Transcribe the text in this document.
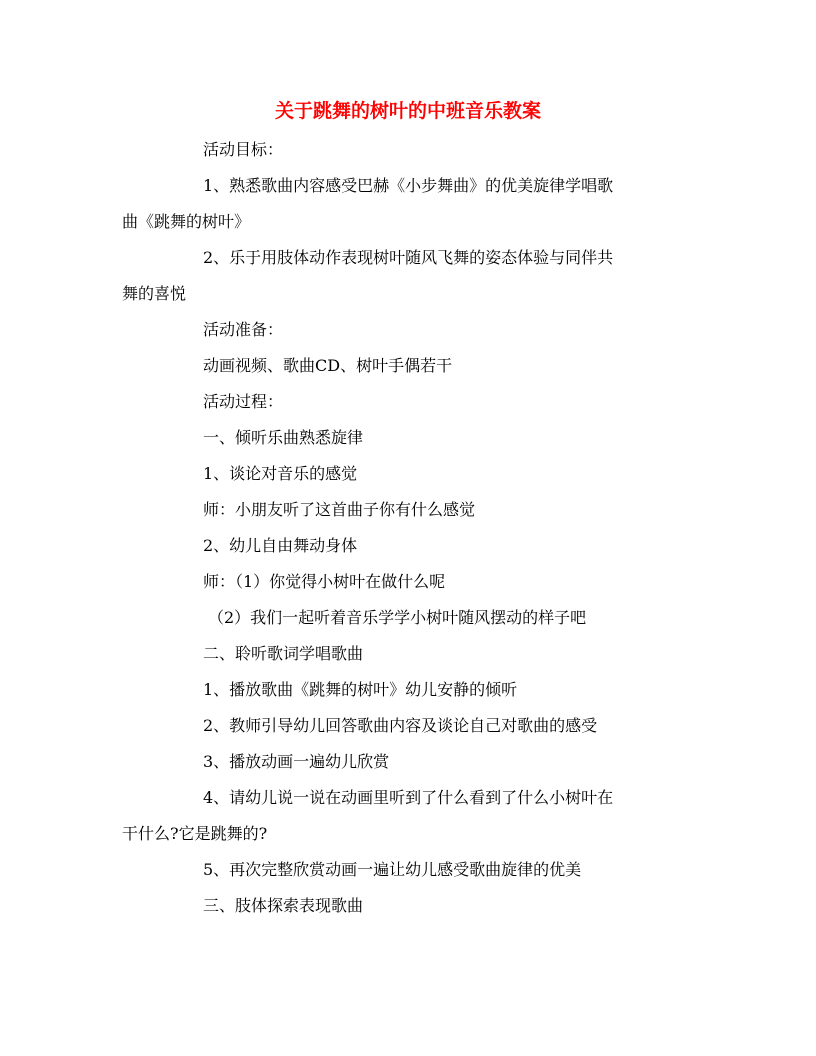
关于跳舞的树叶的中班音乐教案
活动目标：
1、熟悉歌曲内容感受巴赫《小步舞曲》的优美旋律学唱歌
曲《跳舞的树叶》
2、乐于用肢体动作表现树叶随风飞舞的姿态体验与同伴共
舞的喜悦
活动准备：
动画视频、歌曲CD、树叶手偶若干
活动过程：
一、倾听乐曲熟悉旋律
1、谈论对音乐的感觉
师：小朋友听了这首曲子你有什么感觉
2、幼儿自由舞动身体
师：（1）你觉得小树叶在做什么呢
（2）我们一起听着音乐学学小树叶随风摆动的样子吧
二、聆听歌词学唱歌曲
1、播放歌曲《跳舞的树叶》幼儿安静的倾听
2、教师引导幼儿回答歌曲内容及谈论自己对歌曲的感受
3、播放动画一遍幼儿欣赏
4、请幼儿说一说在动画里听到了什么看到了什么小树叶在
干什么?它是跳舞的?
5、再次完整欣赏动画一遍让幼儿感受歌曲旋律的优美
三、肢体探索表现歌曲
